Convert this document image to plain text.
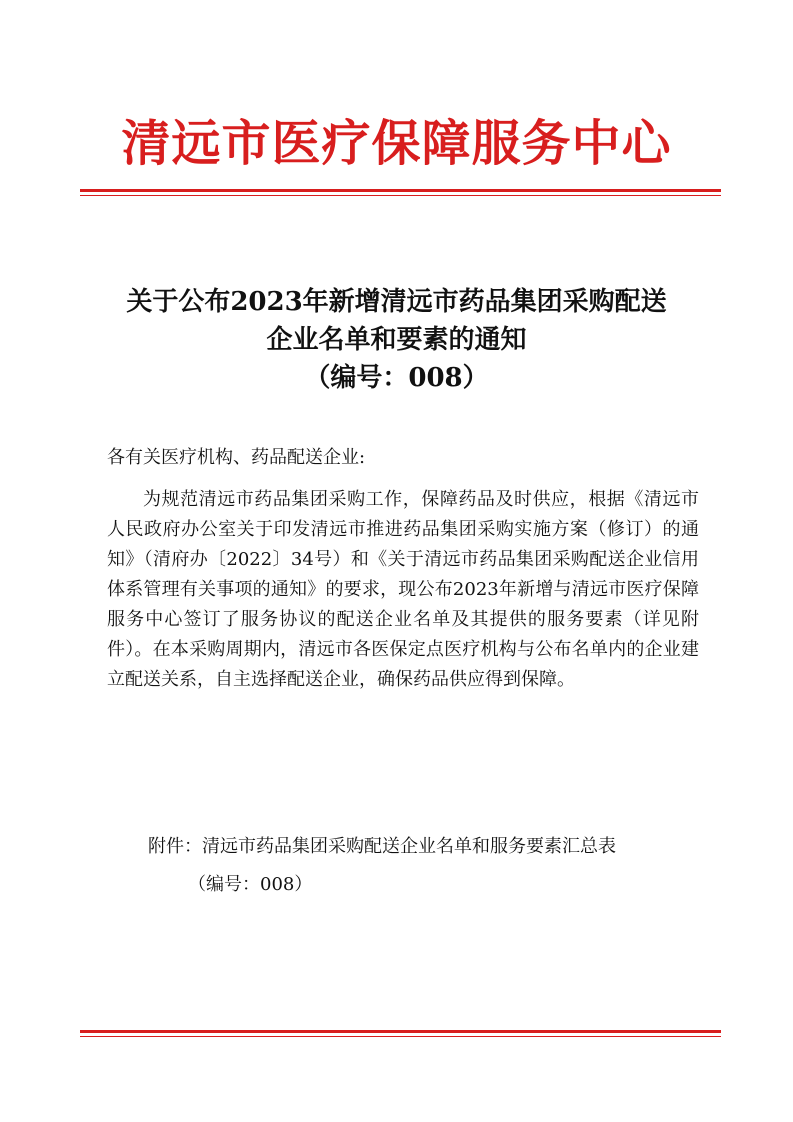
清远市医疗保障服务中心
关于公布2023年新增清远市药品集团采购配送
企业名单和要素的通知
（编号：008）
各有关医疗机构、药品配送企业:
为规范清远市药品集团采购工作，保障药品及时供应，根据《清远市人民政府办公室关于印发清远市推进药品集团采购实施方案（修订）的通知》（清府办〔2022〕34号）和《关于清远市药品集团采购配送企业信用体系管理有关事项的通知》的要求，现公布2023年新增与清远市医疗保障服务中心签订了服务协议的配送企业名单及其提供的服务要素（详见附件）。在本采购周期内，清远市各医保定点医疗机构与公布名单内的企业建立配送关系，自主选择配送企业，确保药品供应得到保障。
附件：清远市药品集团采购配送企业名单和服务要素汇总表
（编号：008）
